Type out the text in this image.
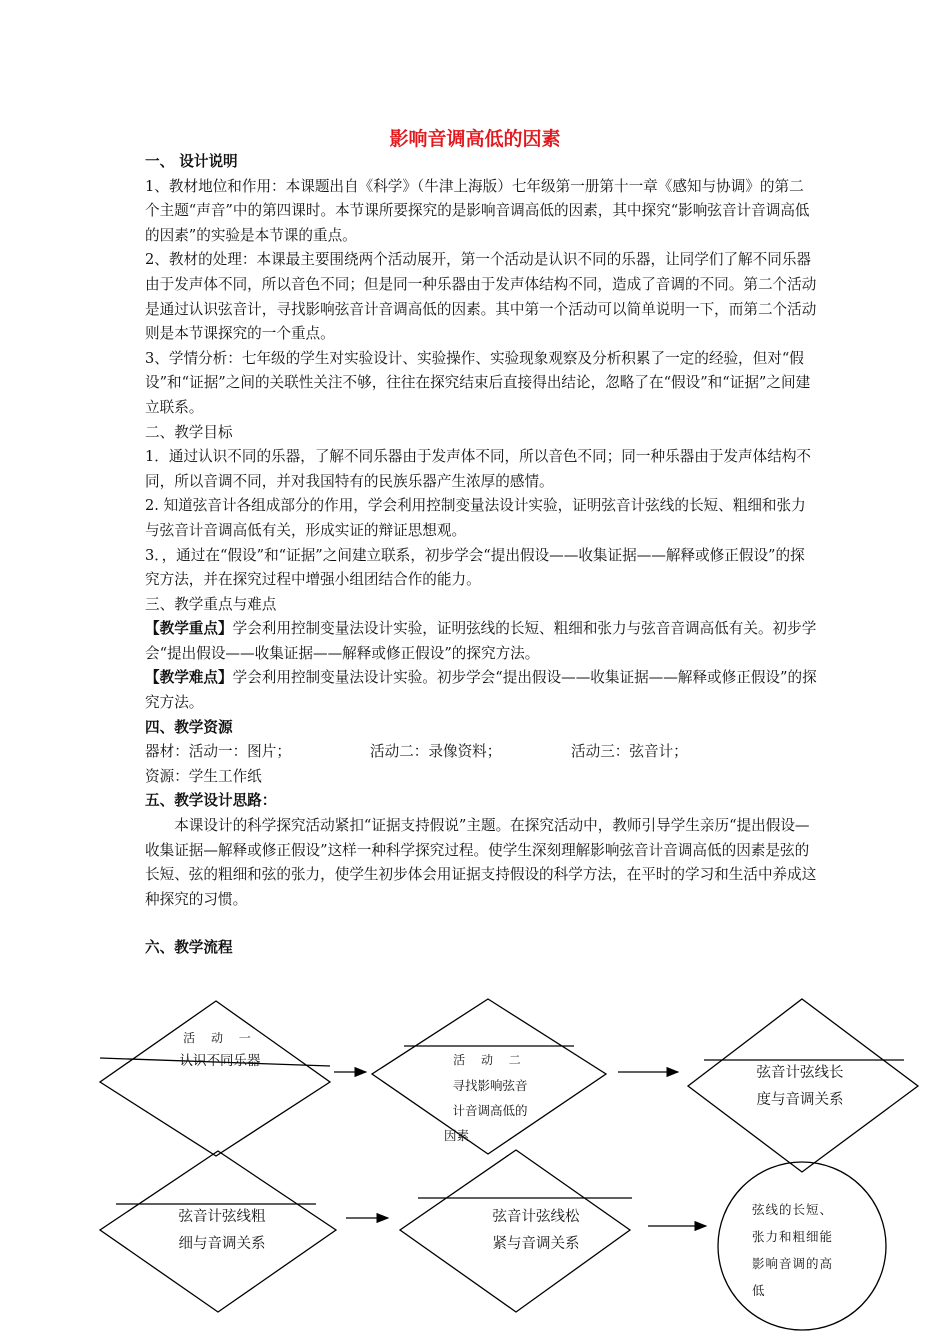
影响音调高低的因素

一、 设计说明

1、教材地位和作用：本课题出自《科学》（牛津上海版）七年级第一册第十一章《感知与协调》的第二个主题“声音”中的第四课时。本节课所要探究的是影响音调高低的因素，其中探究“影响弦音计音调高低的因素”的实验是本节课的重点。

2、教材的处理：本课最主要围绕两个活动展开，第一个活动是认识不同的乐器，让同学们了解不同乐器由于发声体不同，所以音色不同；但是同一种乐器由于发声体结构不同，造成了音调的不同。第二个活动是通过认识弦音计，寻找影响弦音计音调高低的因素。其中第一个活动可以简单说明一下，而第二个活动则是本节课探究的一个重点。

3、学情分析：七年级的学生对实验设计、实验操作、实验现象观察及分析积累了一定的经验，但对“假设”和“证据”之间的关联性关注不够，往往在探究结束后直接得出结论，忽略了在“假设”和“证据”之间建立联系。

二、教学目标

1．通过认识不同的乐器，了解不同乐器由于发声体不同，所以音色不同；同一种乐器由于发声体结构不同，所以音调不同，并对我国特有的民族乐器产生浓厚的感情。

2. 知道弦音计各组成部分的作用，学会利用控制变量法设计实验，证明弦音计弦线的长短、粗细和张力与弦音计音调高低有关，形成实证的辩证思想观。

3．，通过在“假设”和“证据”之间建立联系，初步学会“提出假设——收集证据——解释或修正假设”的探究方法，并在探究过程中增强小组团结合作的能力。

三、教学重点与难点

【教学重点】学会利用控制变量法设计实验，证明弦线的长短、粗细和张力与弦音音调高低有关。初步学会“提出假设——收集证据——解释或修正假设”的探究方法。

【教学难点】学会利用控制变量法设计实验。初步学会“提出假设——收集证据——解释或修正假设”的探究方法。

四、教学资源

器材：活动一：图片；	活动二：录像资料；	活动三：弦音计；

资源：学生工作纸

五、教学设计思路：

本课设计的科学探究活动紧扣“证据支持假说”主题。在探究活动中，教师引导学生亲历“提出假设—收集证据—解释或修正假设”这样一种科学探究过程。使学生深刻理解影响弦音计音调高低的因素是弦的长短、弦的粗细和弦的张力，使学生初步体会用证据支持假设的科学方法，在平时的学习和生活中养成这种探究的习惯。

六、教学流程

活 动 一
认识不同乐器	活 动 二
寻找影响弦音
计音调高低的
因素
弦音计弦线长
度与音调关系
弦音计弦线粗
细与音调关系
弦音计弦线松
紧与音调关系
弦线的长短、
张力和粗细能
影响音调的高
低
